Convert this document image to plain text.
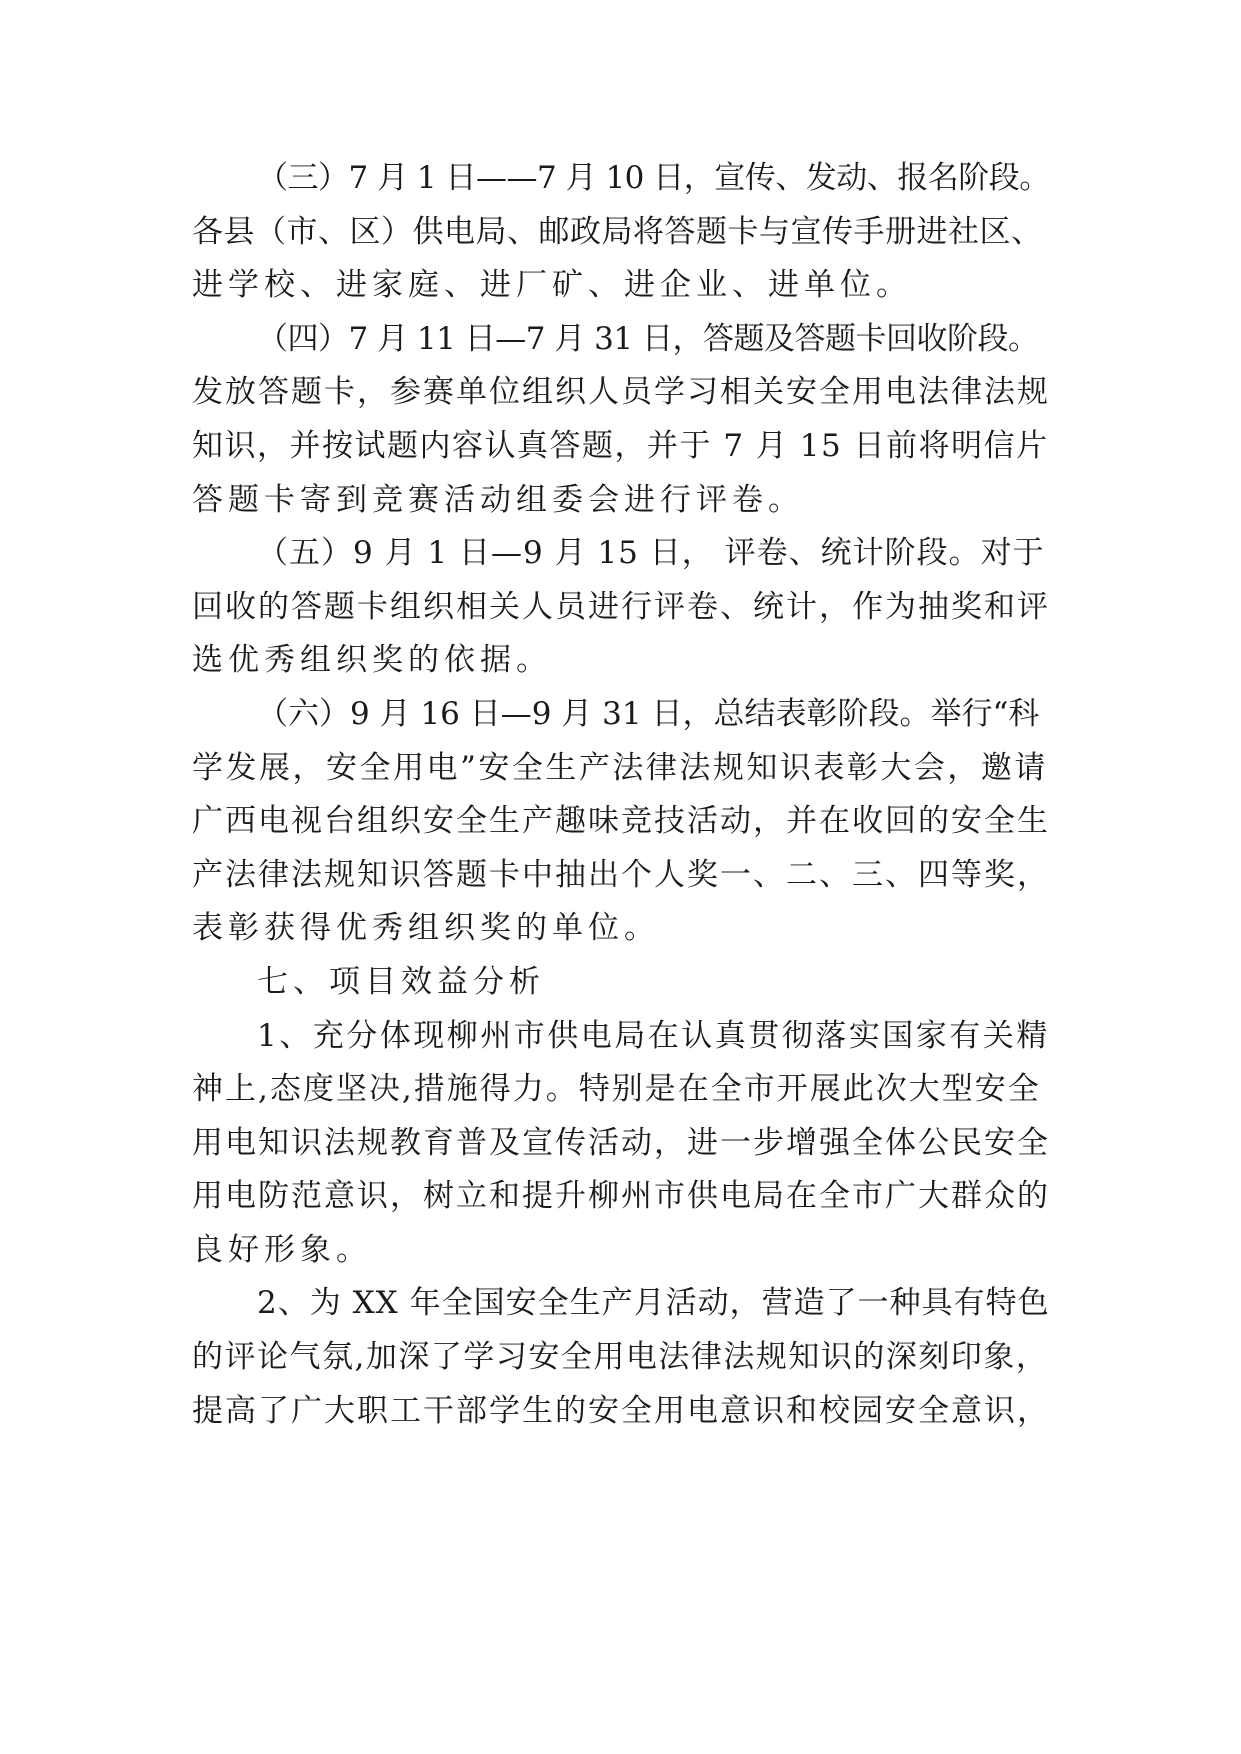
（三）7 月 1 日——7 月 10 日，宣传、发动、报名阶段。
各县（市、区）供电局、邮政局将答题卡与宣传手册进社区、
进学校、进家庭、进厂矿、进企业、进单位。
（四）7 月 11 日—7 月 31 日，答题及答题卡回收阶段。
发放答题卡，参赛单位组织人员学习相关安全用电法律法规
知识，并按试题内容认真答题，并于 7 月 15 日前将明信片
答题卡寄到竞赛活动组委会进行评卷。
（五）9 月 1 日—9 月 15 日， 评卷、统计阶段。对于
回收的答题卡组织相关人员进行评卷、统计，作为抽奖和评
选优秀组织奖的依据。
（六）9 月 16 日—9 月 31 日，总结表彰阶段。举行“科
学发展，安全用电”安全生产法律法规知识表彰大会，邀请
广西电视台组织安全生产趣味竞技活动，并在收回的安全生
产法律法规知识答题卡中抽出个人奖一、二、三、四等奖，
表彰获得优秀组织奖的单位。
七、项目效益分析
1、充分体现柳州市供电局在认真贯彻落实国家有关精
神上,态度坚决,措施得力。特别是在全市开展此次大型安全
用电知识法规教育普及宣传活动，进一步增强全体公民安全
用电防范意识，树立和提升柳州市供电局在全市广大群众的
良好形象。
2、为 XX 年全国安全生产月活动，营造了一种具有特色
的评论气氛,加深了学习安全用电法律法规知识的深刻印象，
提高了广大职工干部学生的安全用电意识和校园安全意识，
